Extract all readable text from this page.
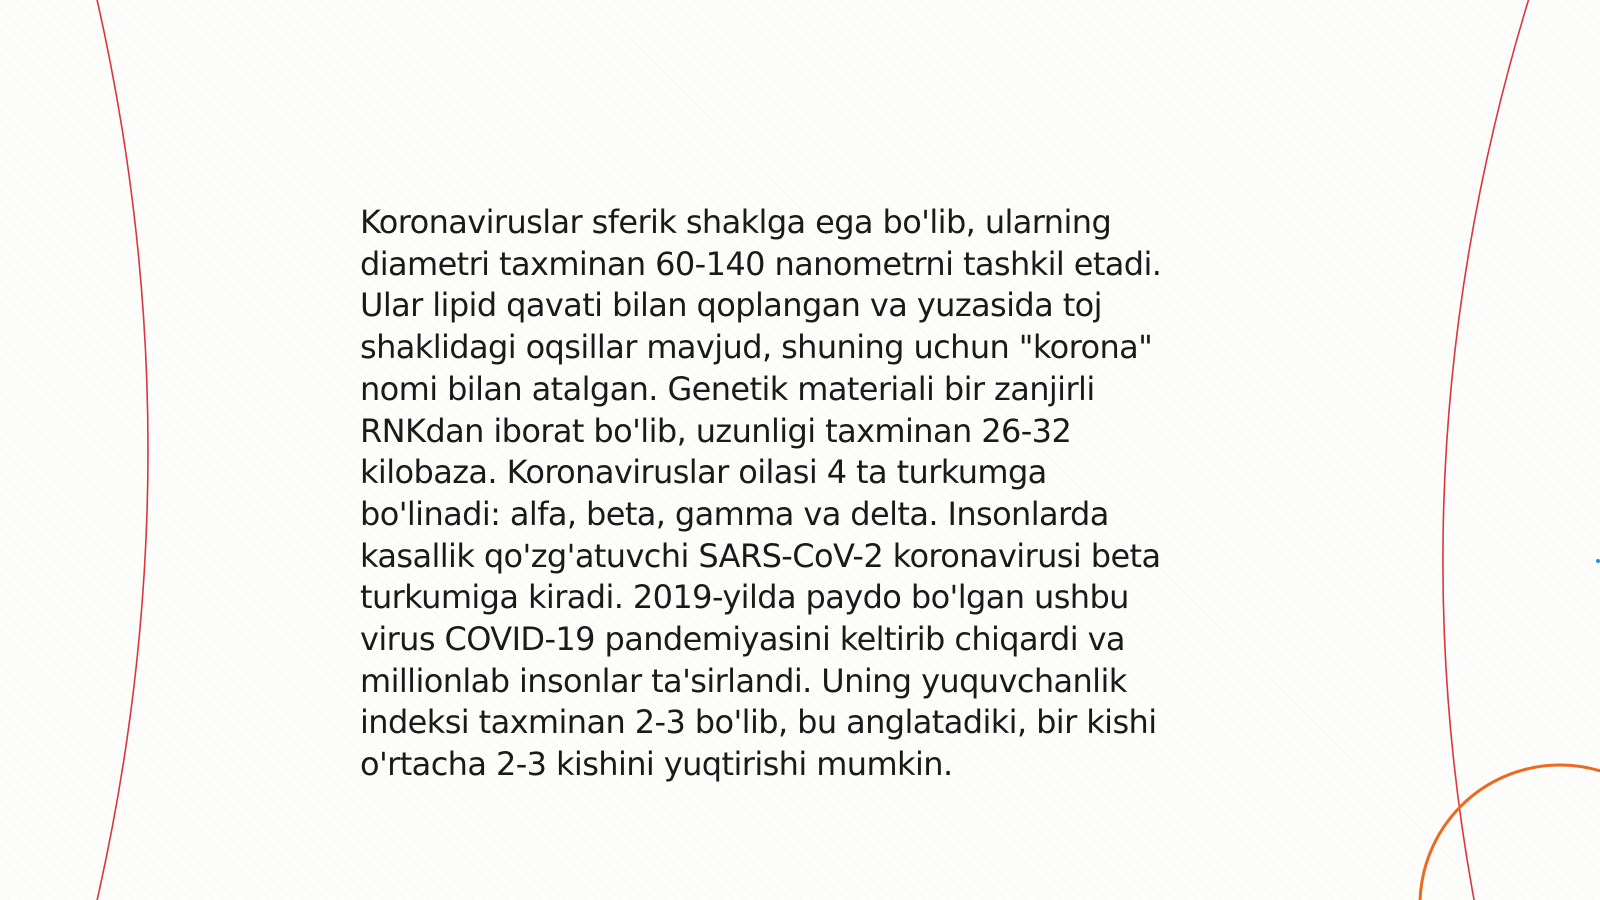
Koronaviruslar sferik shaklga ega bo'lib, ularning
diametri taxminan 60-140 nanometrni tashkil etadi.
Ular lipid qavati bilan qoplangan va yuzasida toj
shaklidagi oqsillar mavjud, shuning uchun "korona"
nomi bilan atalgan. Genetik materiali bir zanjirli
RNKdan iborat bo'lib, uzunligi taxminan 26-32
kilobaza. Koronaviruslar oilasi 4 ta turkumga
bo'linadi: alfa, beta, gamma va delta. Insonlarda
kasallik qo'zg'atuvchi SARS-CoV-2 koronavirusi beta
turkumiga kiradi. 2019-yilda paydo bo'lgan ushbu
virus COVID-19 pandemiyasini keltirib chiqardi va
millionlab insonlar ta'sirlandi. Uning yuquvchanlik
indeksi taxminan 2-3 bo'lib, bu anglatadiki, bir kishi
o'rtacha 2-3 kishini yuqtirishi mumkin.
